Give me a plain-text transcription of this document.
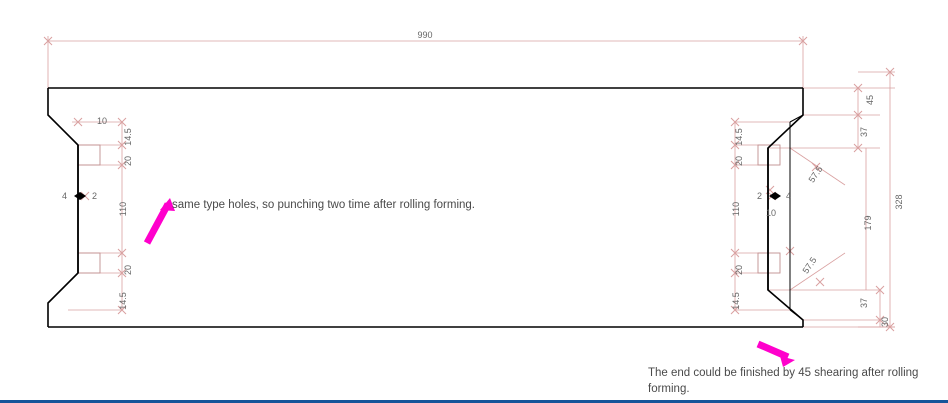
990
328
10
14.5
20
110
20
14.5
4	2
45
37
14.5
20
57.5
2	4
10
110
179
20	57.5
14.5	37
30
same type holes, so punching two time after rolling forming.
The end could be finished by 45 shearing after rolling forming.
